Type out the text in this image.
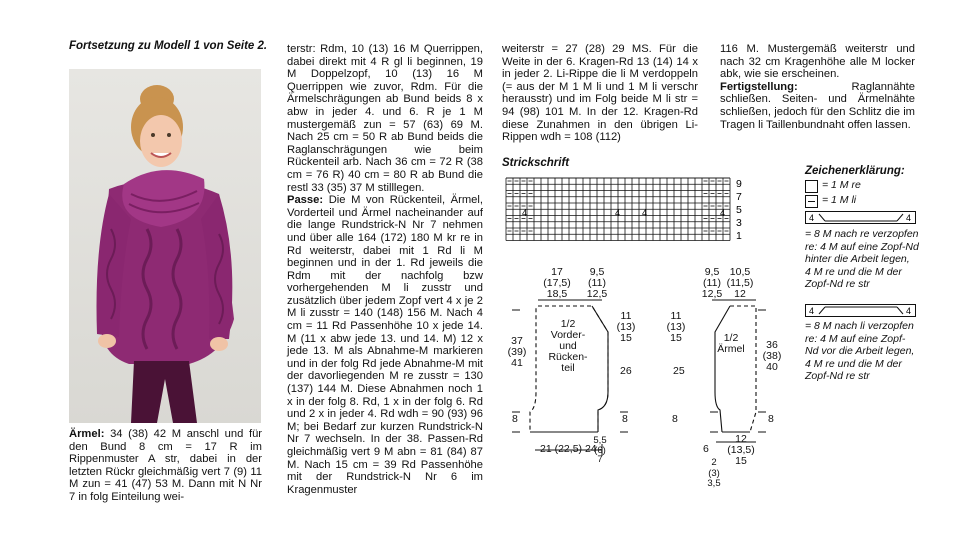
Fortsetzung zu Modell 1 von Seite 2.

Ärmel: 34 (38) 42 M anschl und für den Bund 8 cm = 17 R im Rippenmuster A str, dabei in der letzten Rückr gleichmäßig vert 7 (9) 11 M zun = 41 (47) 53 M. Dann mit N Nr 7 in folg Einteilung wei-

terstr: Rdm, 10 (13) 16 M Querrippen, dabei direkt mit 4 R gl li beginnen, 19 M Doppelzopf, 10 (13) 16 M Querrippen wie zuvor, Rdm. Für die Ärmelschrägungen ab Bund beids 8 x abw in jeder 4. und 6. R je 1 M mustergemäß zun = 57 (63) 69 M. Nach 25 cm = 50 R ab Bund beids die Raglanschrägungen wie beim Rückenteil arb. Nach 36 cm = 72 R (38 cm = 76 R) 40 cm = 80 R ab Bund die restl 33 (35) 37 M stilllegen.

Passe: Die M von Rückenteil, Ärmel, Vorderteil und Ärmel nacheinander auf die lange Rundstrick-N Nr 7 nehmen und über alle 164 (172) 180 M kr re in Rd weiterstr, dabei mit 1 Rd li M beginnen und in der 1. Rd jeweils die Rdm mit der nachfolg bzw vorhergehenden M li zusstr und zusätzlich über jedem Zopf vert 4 x je 2 M li zusstr = 140 (148) 156 M. Nach 4 cm = 11 Rd Passenhöhe 10 x jede 14. M (11 x abw jede 13. und 14. M) 12 x jede 13. M als Abnahme-M markieren und in der folg Rd jede Abnahme-M mit der davorliegenden M re zusstr = 130 (137) 144 M. Diese Abnahmen noch 1 x in der folg 8. Rd, 1 x in der folg 6. Rd und 2 x in jeder 4. Rd wdh = 90 (93) 96 M; bei Bedarf zur kurzen Rundstrick-N Nr 7 wechseln. In der 38. Passen-Rd gleichmäßig vert 9 M abn = 81 (84) 87 M. Nach 15 cm = 39 Rd Passenhöhe mit der Rundstrick-N Nr 6 im Kragenmuster

weiterstr = 27 (28) 29 MS. Für die Weite in der 6. Kragen-Rd 13 (14) 14 x in jeder 2. Li-Rippe die li M verdoppeln (= aus der M 1 M li und 1 M li verschr herausstr) und im Folg beide M li str = 94 (98) 101 M. In der 12. Kragen-Rd diese Zunahmen in den übrigen Li-Rippen wdh = 108 (112)

116 M. Mustergemäß weiterstr und nach 32 cm Kragenhöhe alle M locker abk, wie sie erscheinen.

Fertigstellung:	Raglannähte schließen. Seiten- und Ärmelnähte schließen, jedoch für den Schlitz die im Tragen li Taillenbundnaht offen lassen.

Strickschrift
9
7
5
3
1
4	4 4	4
Zeichenerklärung:
= 1 M re
= 1 M li
4	4
= 8 M nach re verzopfen
re: 4 M auf eine Zopf-Nd
hinter die Arbeit legen,
4 M re und die M der
Zopf-Nd re str
4	4
= 8 M nach li verzopfen
re: 4 M auf eine Zopf-
Nd vor die Arbeit legen,
4 M re und die M der
Zopf-Nd re str
17
(17,5)
18,5
9,5
(11)
12,5
11
(13)
15
37
(39)
41
1/2
Vorder-
und
Rücken-
teil	26
8	8
21 (22,5) 24
5,5
(6)
7
9,5
(11)
12,5
10,5
(11,5)
12
11
(13)
15	1/2
Ärmel
25
36
(38)
40
8	8
6
12
(13,5)
15
2
(3)
3,5
